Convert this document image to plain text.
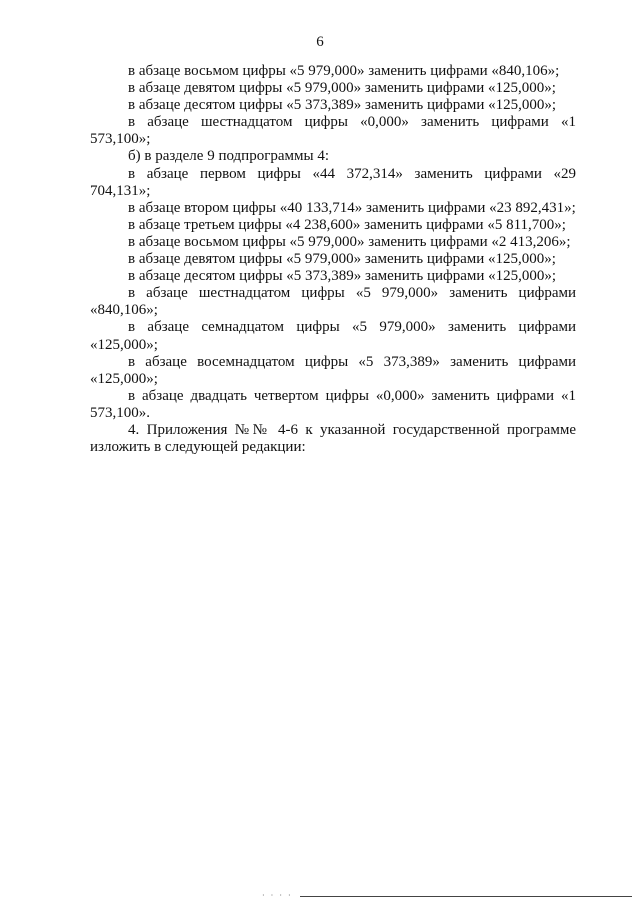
6

в абзаце восьмом цифры «5 979,000» заменить цифрами «840,106»;

в абзаце девятом цифры «5 979,000» заменить цифрами «125,000»;

в абзаце десятом цифры «5 373,389» заменить цифрами «125,000»;

в абзаце шестнадцатом цифры «0,000» заменить цифрами «1 573,100»;

б) в разделе 9 подпрограммы 4:

в абзаце первом цифры «44 372,314» заменить цифрами «29 704,131»;

в абзаце втором цифры «40 133,714» заменить цифрами «23 892,431»;

в абзаце третьем цифры «4 238,600» заменить цифрами «5 811,700»;

в абзаце восьмом цифры «5 979,000» заменить цифрами «2 413,206»;

в абзаце девятом цифры «5 979,000» заменить цифрами «125,000»;

в абзаце десятом цифры «5 373,389» заменить цифрами «125,000»;

в абзаце шестнадцатом цифры «5 979,000» заменить цифрами «840,106»;

в абзаце семнадцатом цифры «5 979,000» заменить цифрами «125,000»;

в абзаце восемнадцатом цифры «5 373,389» заменить цифрами «125,000»;

в абзаце двадцать четвертом цифры «0,000» заменить цифрами «1 573,100».

4. Приложения №№ 4-6 к указанной государственной программе изложить в следующей редакции:

· · · ·
